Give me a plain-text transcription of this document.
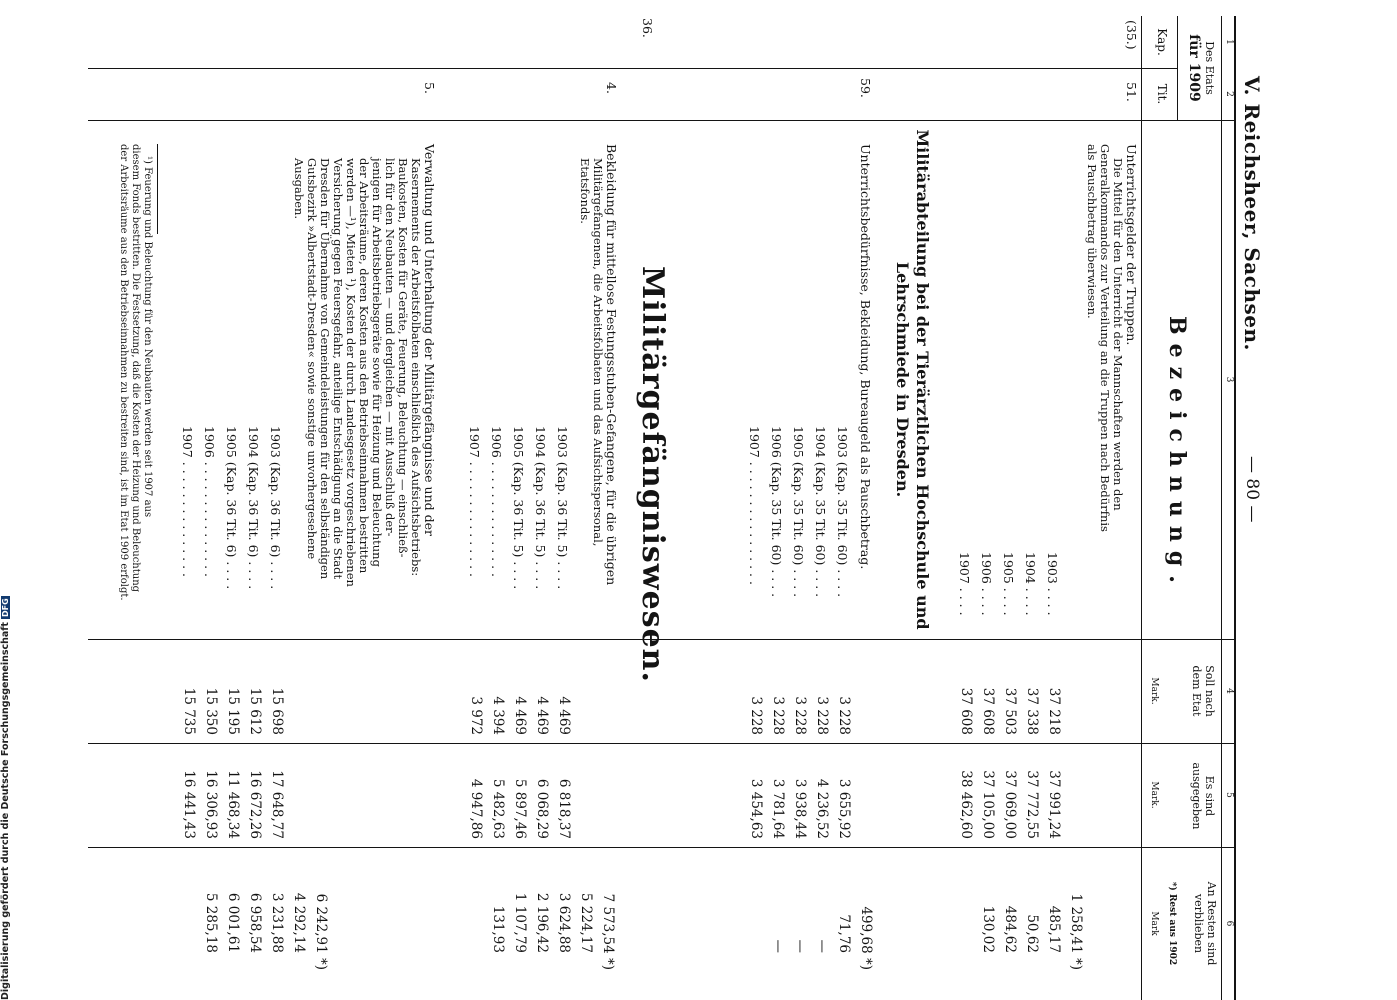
V. Reichsheer, Sachsen.
— 80 —
1
2
3
4
5
6
Des Etats
für 1909
Kap.
Tit.
Bezeichnung.
Soll nach dem Etat
Mark.
Es sind ausgegeben
Mark.
An Resten sind verblieben
*) Rest aus 1902
Mark
(35.)
51.
Unterrichtsgelder der Truppen.
Die Mittel für den Unterricht der Mannschaften werden den
Generalkommandos zur Verteilung an die Truppen nach Bedürfnis
als Pauschbetrag überwiesen.
1903 . . . .
1904 . . . .
1905 . . . .
1906 . . . .
1907 . . . .
37 218
37 338
37 503
37 608
37 608
37 991,24
37 772,55
37 069,00
37 105,00
38 462,60
1 258,41 *)
485,17
50,62
484,62
130,02
Militärabteilung bei der Tierärztlichen Hochschule und
Lehrschmiede in Dresden.
59.
Unterrichtsbedürfnisse, Bekleidung, Bureaugeld als Pauschbetrag.
1903 (Kap. 35 Tit. 60) . . . .
1904 (Kap. 35 Tit. 60) . . . .
1905 (Kap. 35 Tit. 60) . . . .
1906 (Kap. 35 Tit. 60) . . . .
1907 . . . . . . . . . . . . . . . .
3 228
3 228
3 228
3 228
3 228
3 655,92
4 236,52
3 938,44
3 781,64
3 454,63
499,68 *)
71,76
—
—
—
Militärgefängniswesen.
36.
4.
Bekleidung für mittellose Festungsstuben-Gefangene, für die übrigen
Militärgefangenen, die Arbeitsfolbaten und das Aufsichtspersonal,
Etatsfonds.
1903 (Kap. 36 Tit. 5) . . . .
1904 (Kap. 36 Tit. 5) . . . .
1905 (Kap. 36 Tit. 5) . . . .
1906 . . . . . . . . . . . . . . .
1907 . . . . . . . . . . . . . . .
4 469
4 469
4 469
4 394
3 972
6 818,37
6 068,29
5 897,46
5 482,63
4 947,86
7 573,54 *)
5 224,17
3 624,88
2 196,42
1 107,79
131,93
5.
Verwaltung und Unterhaltung der Militärgefängnisse und der
Kasernements der Arbeitsfolbaten einschließlich des Aufsichtsbetriebs:
Baukosten, Kosten für Geräte, Feuerung, Beleuchtung — einschließ-
lich für den Neubauten — und dergleichen — mit Ausschluß der-
jenigen für Arbeitsbetriebsgeräte sowie für Heizung und Beleuchtung
der Arbeitsräume, deren Kosten aus den Betriebseinnahmen bestritten
werden —¹), Mieten ¹), Kosten der durch Landesgesetz vorgeschriebenen
Versicherung gegen Feuersgefahr, anteilige Entschädigung an die Stadt
Dresden für Übernahme von Gemeindeleistungen für den selbständigen
Gutsbezirk »Albertstadt-Dresden« sowie sonstige unvorhergesehene
Ausgaben.
1903 (Kap. 36 Tit. 6) . . . .
1904 (Kap. 36 Tit. 6) . . . .
1905 (Kap. 36 Tit. 6) . . . .
1906 . . . . . . . . . . . . . . .
1907 . . . . . . . . . . . . . . .
15 698
15 612
15 195
15 350
15 735
17 648,77
16 672,26
11 468,34
16 306,93
16 441,43
6 242,91 *)
4 292,14
3 231,88
6 958,54
6 001,61
5 285,18
¹) Feuerung und Beleuchtung für den Neubauten werden seit 1907 aus
diesem Fonds bestritten. Die Festsetzung, daß die Kosten der Heizung und Beleuchtung
der Arbeitsräume aus den Betriebseinnahmen zu bestreiten sind, ist im Etat 1909 erfolgt.
Digitalisierung gefördert durch die Deutsche ForschungsgemeinschaftDFG
